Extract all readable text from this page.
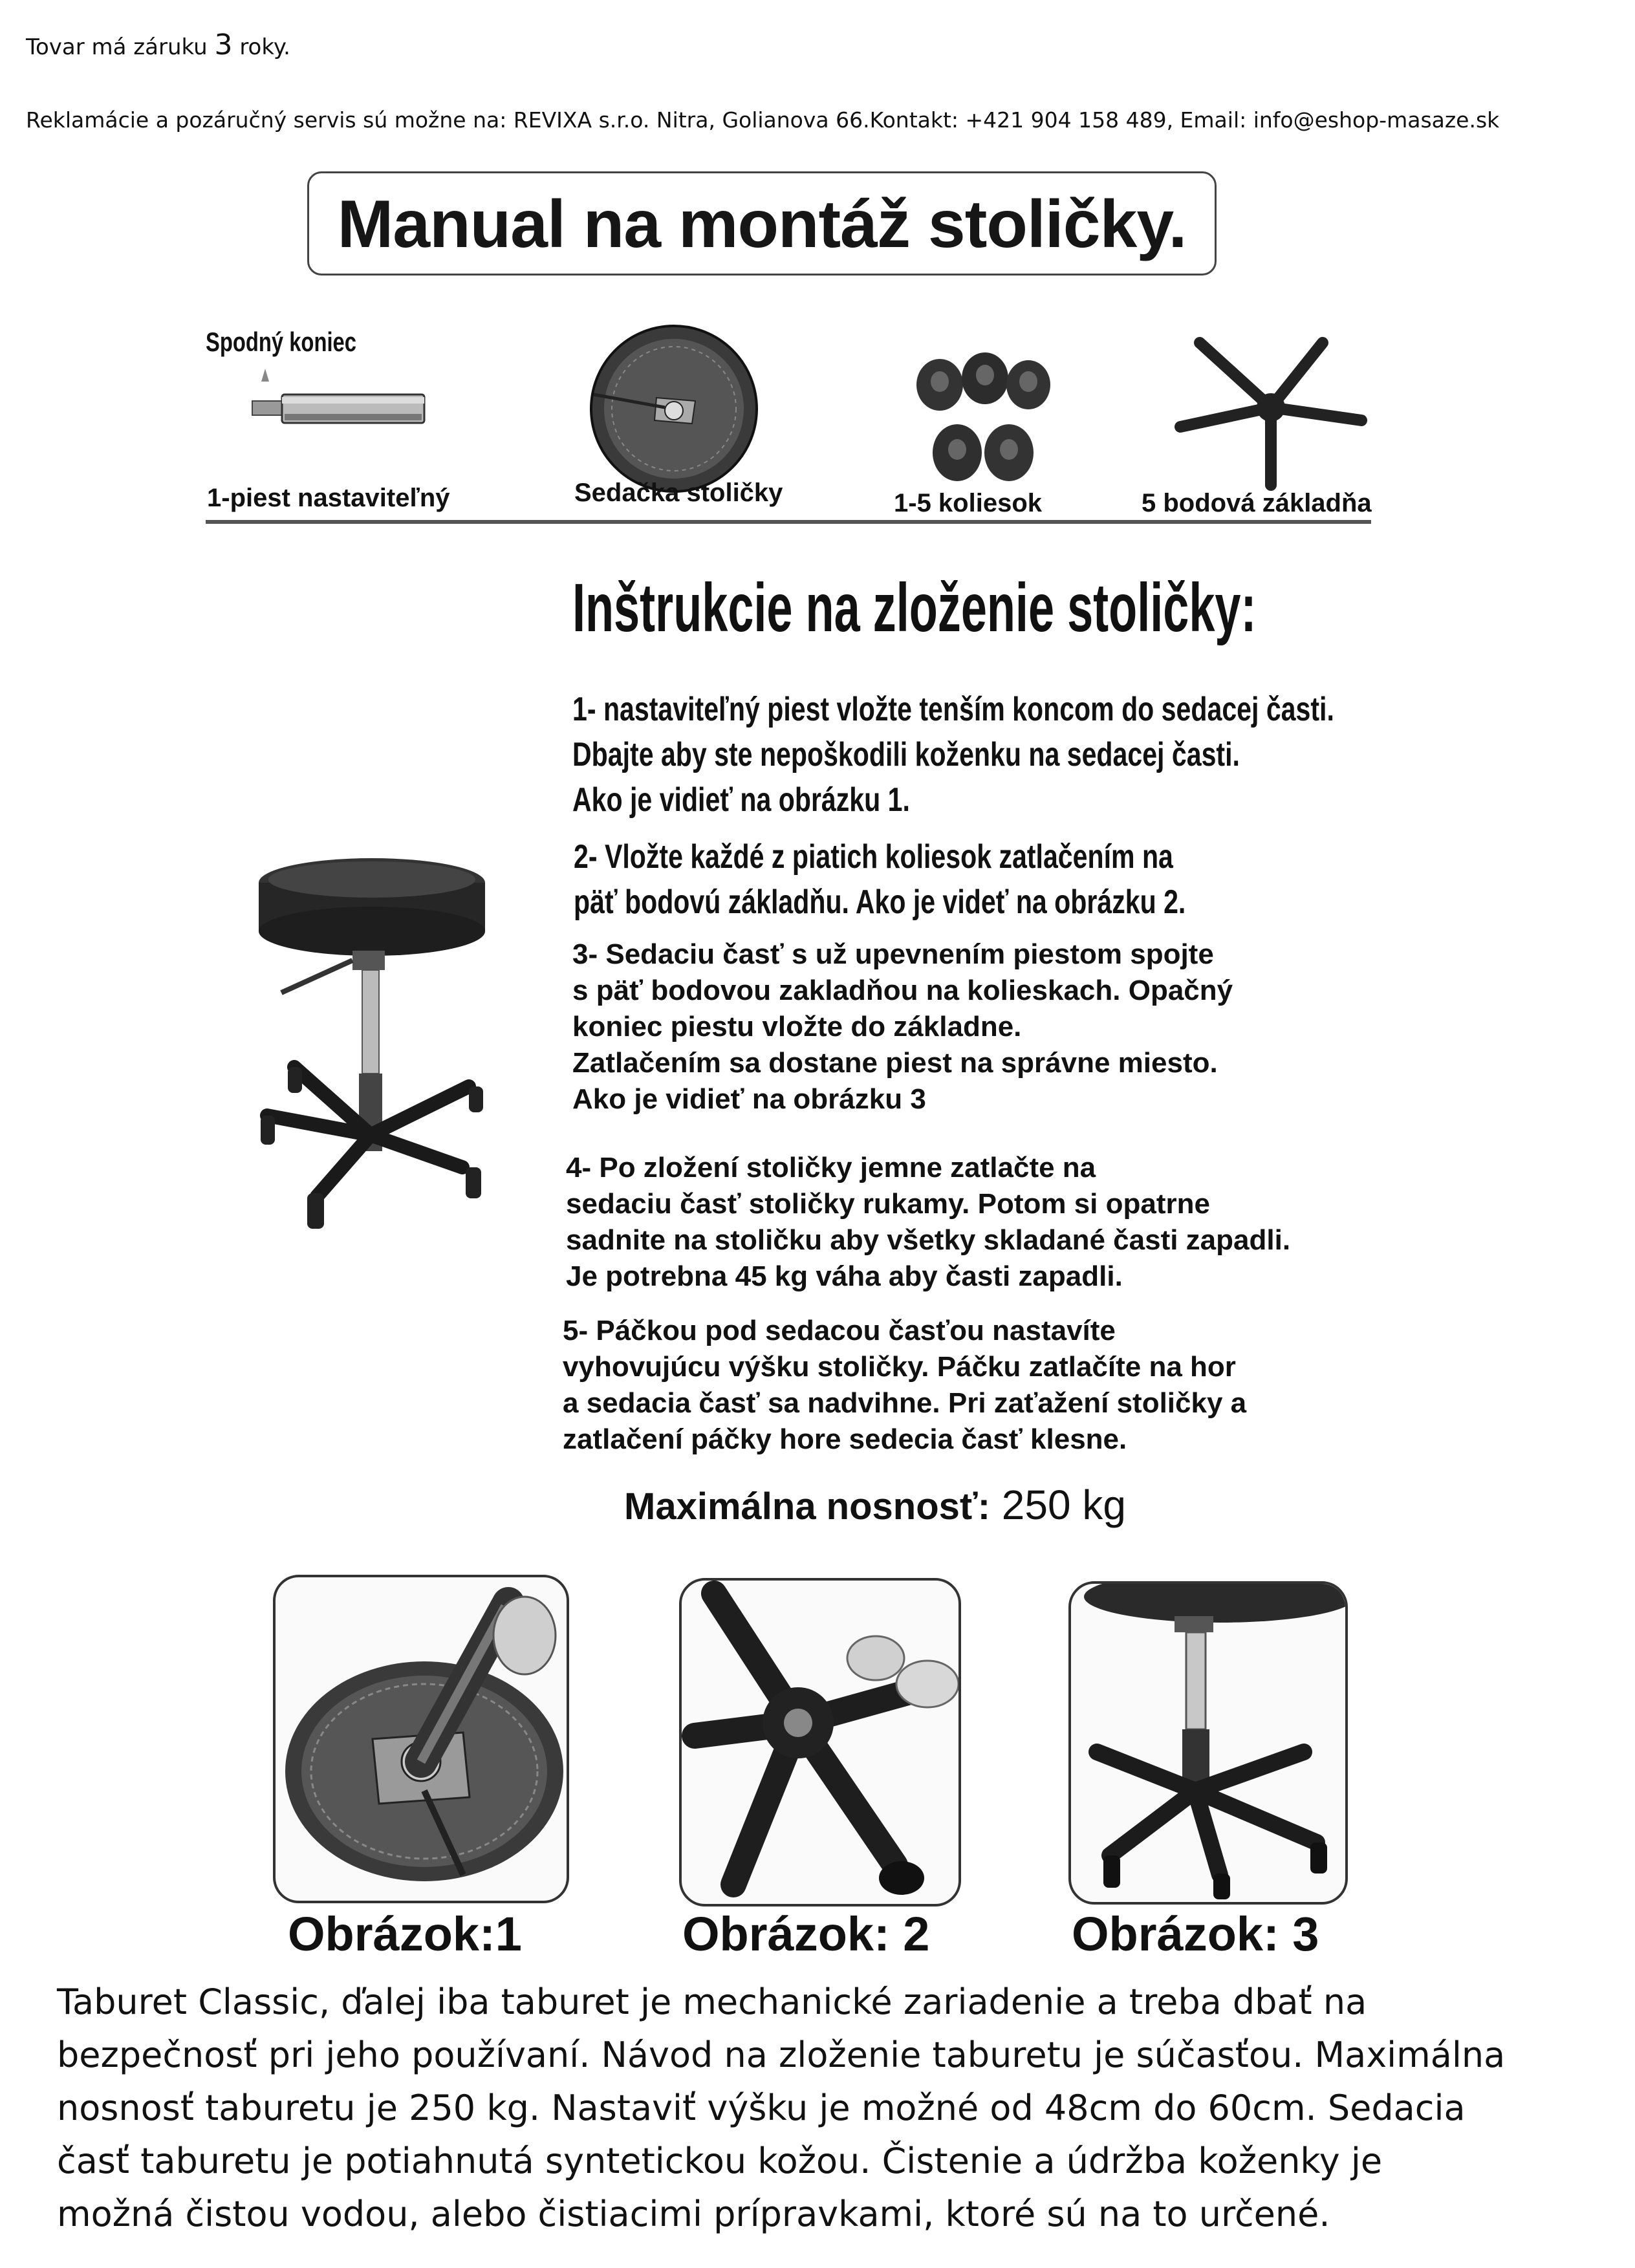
Tovar má záruku 3 roky.
Reklamácie a pozáručný servis sú možne na: REVIXA s.r.o. Nitra, Golianova 66.Kontakt: +421 904 158 489, Email: info@eshop-masaze.sk
Manual na montáž stoličky.
Spodný koniec
1-piest nastaviteľný	Sedačka stoličky	1-5 koliesok	5 bodová základňa
Inštrukcie na zloženie stoličky:
1- nastaviteľný piest vložte tenším koncom do sedacej časti.
Dbajte aby ste nepoškodili koženku na sedacej časti.
Ako je vidieť na obrázku 1.
2- Vložte každé z piatich koliesok zatlačením na
päť bodovú základňu. Ako je videť na obrázku 2.
3- Sedaciu časť s už upevnením piestom spojte
s päť bodovou zakladňou na kolieskach. Opačný
koniec piestu vložte do základne.
Zatlačením sa dostane piest na správne miesto.
Ako je vidieť na obrázku 3
4- Po zložení stoličky jemne zatlačte na
sedaciu časť stoličky rukamy. Potom si opatrne
sadnite na stoličku aby všetky skladané časti zapadli.
Je potrebna 45 kg váha aby časti zapadli.
5- Páčkou pod sedacou časťou nastavíte
vyhovujúcu výšku stoličky. Páčku zatlačíte na hor
a sedacia časť sa nadvihne. Pri zaťažení stoličky a
zatlačení páčky hore sedecia časť klesne.
Maximálna nosnosť: 250 kg
Obrázok:1	Obrázok: 2	Obrázok: 3
Taburet Classic, ďalej iba taburet je mechanické zariadenie a treba dbať na
bezpečnosť pri jeho používaní. Návod na zloženie taburetu je súčasťou. Maximálna
nosnosť taburetu je 250 kg. Nastaviť výšku je možné od 48cm do 60cm. Sedacia
časť taburetu je potiahnutá syntetickou kožou. Čistenie a údržba koženky je
možná čistou vodou, alebo čistiacimi prípravkami, ktoré sú na to určené.
